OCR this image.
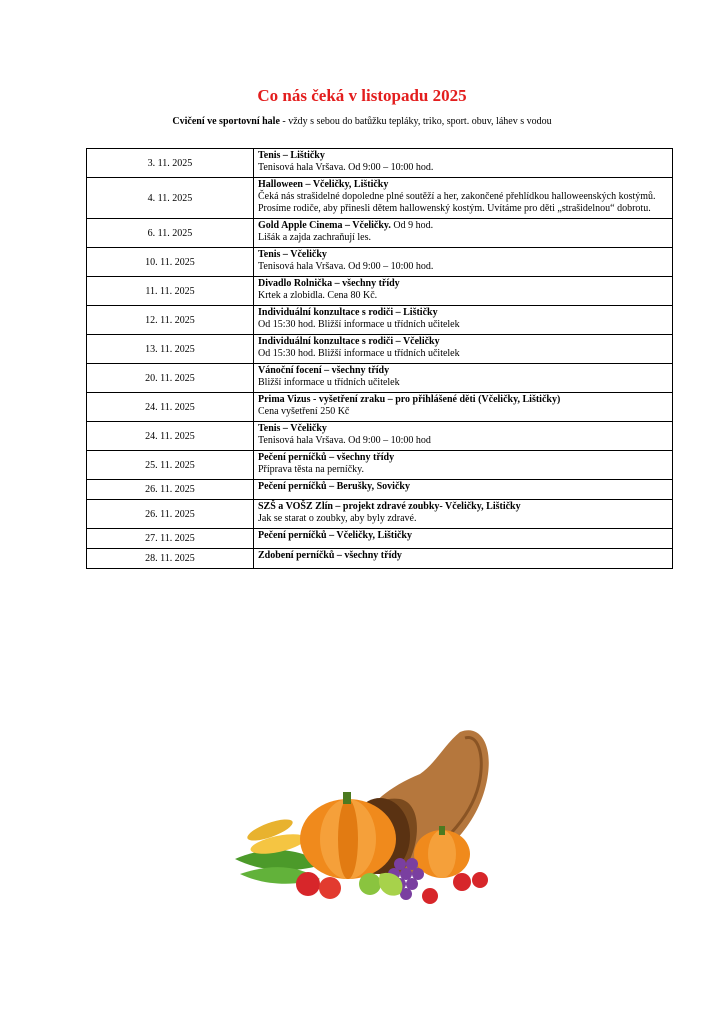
Co nás čeká v listopadu 2025
Cvičení ve sportovní hale - vždy s sebou do batůžku tepláky, triko, sport. obuv, láhev s vodou
3. 11. 2025	Tenis – Lištičky
Tenisová hala Vršava. Od 9:00 – 10:00 hod.

4. 11. 2025	Halloween – Včeličky, Lištičky
Čeká nás strašidelné dopoledne plné soutěží a her, zakončené přehlídkou halloweenských kostýmů. Prosíme rodiče, aby přinesli dětem hallowenský kostým. Uvítáme pro děti „strašidelnou“ dobrotu.

6. 11. 2025	Gold Apple Cinema – Včeličky. Od 9 hod.
Lišák a zajda zachraňují les.

10. 11. 2025	Tenis – Včeličky
Tenisová hala Vršava. Od 9:00 – 10:00 hod.

11. 11. 2025	Divadlo Rolnička – všechny třídy
Krtek a zlobidla. Cena 80 Kč.

12. 11. 2025	Individuální konzultace s rodiči – Lištičky
Od 15:30 hod. Bližší informace u třídních učitelek

13. 11. 2025	Individuální konzultace s rodiči – Včeličky
Od 15:30 hod. Bližší informace u třídních učitelek

20. 11. 2025	Vánoční focení – všechny třídy
Bližší informace u třídních učitelek

24. 11. 2025	Prima Vizus - vyšetření zraku – pro přihlášené děti (Včeličky, Lištičky)
Cena vyšetření 250 Kč

24. 11. 2025	Tenis – Včeličky
Tenisová hala Vršava. Od 9:00 – 10:00 hod

25. 11. 2025	Pečení perníčků – všechny třídy
Příprava těsta na perníčky.

26. 11. 2025	Pečení perníčků – Berušky, Sovičky

26. 11. 2025	SZŠ a VOŠZ Zlín – projekt zdravé zoubky- Včeličky, Lištičky
Jak se starat o zoubky, aby byly zdravé.

27. 11. 2025	Pečení perníčků – Včeličky, Lištičky

28. 11. 2025	Zdobení perníčků – všechny třídy
